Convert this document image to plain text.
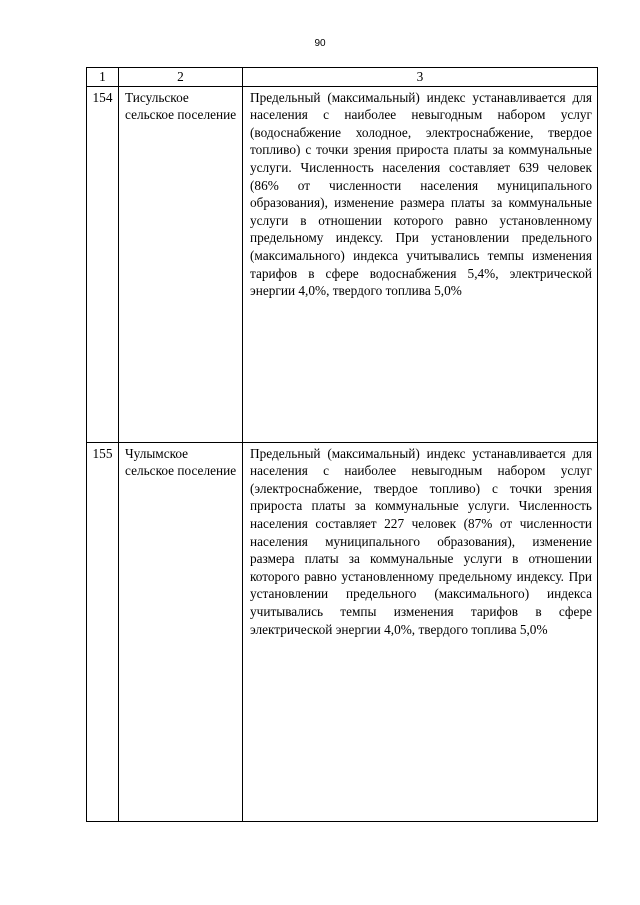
90
1	2	3
154	Тисульское сельское поселение	Предельный (максимальный) индекс устанавливается для населения с наиболее невыгодным набором услуг (водоснабжение холодное, электроснабжение, твердое топливо) с точки зрения прироста платы за коммунальные услуги. Численность населения составляет 639 человек (86% от численности населения муниципального образования), изменение размера платы за коммунальные услуги в отношении которого равно установленному предельному индексу. При установлении предельного (максимального) индекса учитывались темпы изменения тарифов в сфере водоснабжения 5,4%, электрической энергии 4,0%, твердого топлива 5,0%
155	Чулымское сельское поселение	Предельный (максимальный) индекс устанавливается для населения с наиболее невыгодным набором услуг (электроснабжение, твердое топливо) с точки зрения прироста платы за коммунальные услуги. Численность населения составляет 227 человек (87% от численности населения муниципального образования), изменение размера платы за коммунальные услуги в отношении которого равно установленному предельному индексу. При установлении предельного (максимального) индекса учитывались темпы изменения тарифов в сфере электрической энергии 4,0%, твердого топлива 5,0%
